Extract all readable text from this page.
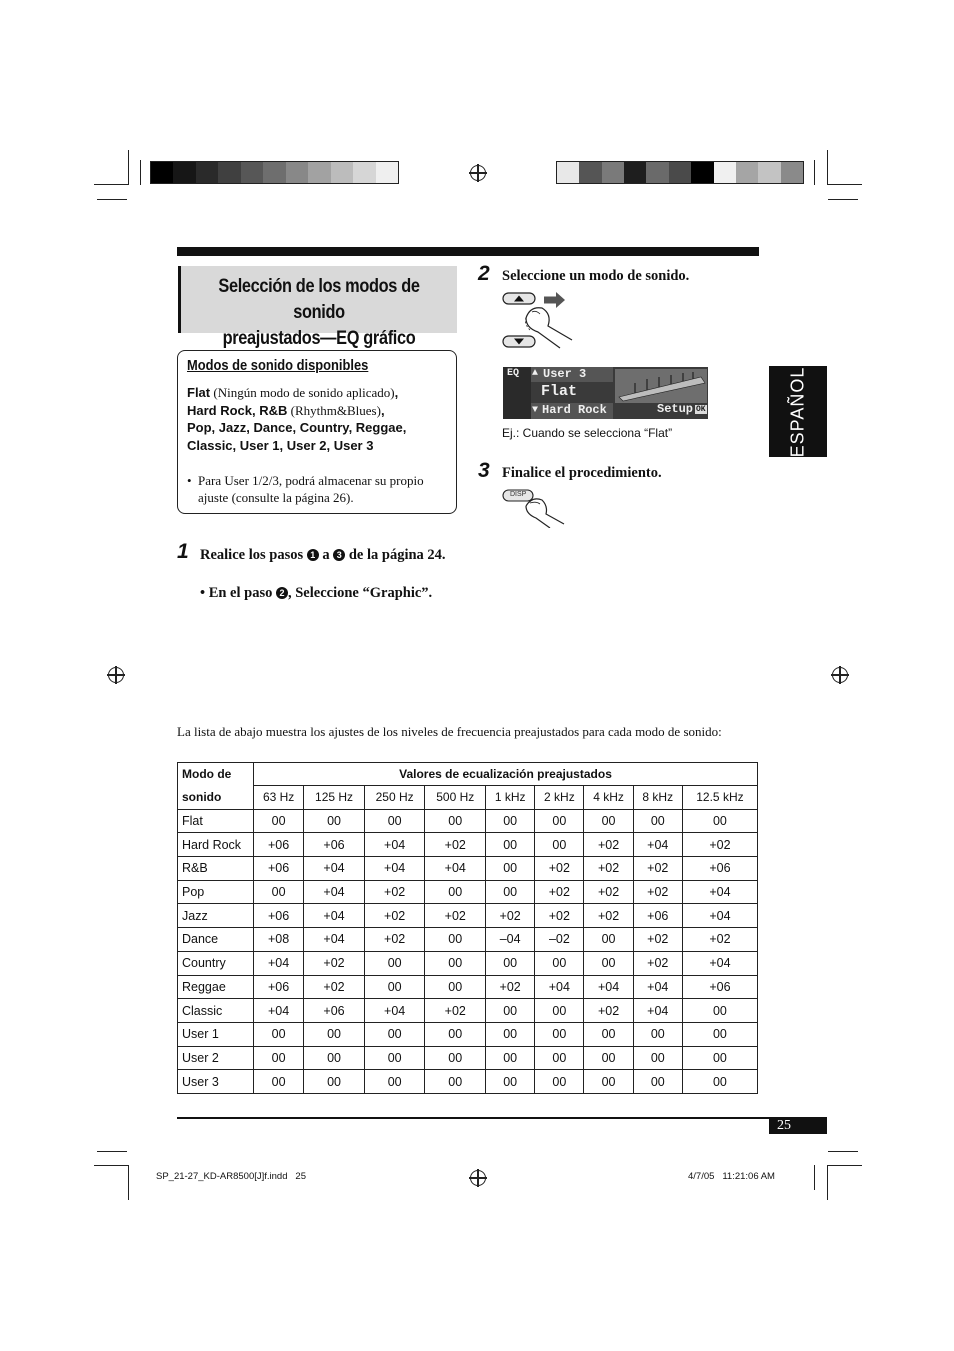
Selección de los modos de sonido
preajustados—EQ gráfico
Modos de sonido disponibles
Flat (Ningún modo de sonido aplicado),
Hard Rock, R&B (Rhythm&Blues),
Pop, Jazz, Dance, Country, Reggae,
Classic, User 1, User 2, User 3
• Para User 1/2/3, podrá almacenar su propio ajuste (consulte la página 26).
1 Realice los pasos 1 a 3 de la página 24.
• En el paso 2 , Seleccione “Graphic”.
2 Seleccione un modo de sonido.
EQ ▲ User 3
Flat
▼ Hard Rock	Setup OK
Ej.: Cuando se selecciona “Flat”
3 Finalice el procedimiento.
DISP
ESPAÑOL
La lista de abajo muestra los ajustes de los niveles de frecuencia preajustados para cada modo de sonido:
Modo de	Valores de ecualización preajustados								
sonido	63 Hz	125 Hz	250 Hz	500 Hz	1 kHz	2 kHz	4 kHz	8 kHz	12.5 kHz
Flat	00	00	00	00	00	00	00	00	00
Hard Rock	+06	+06	+04	+02	00	00	+02	+04	+02
R&B	+06	+04	+04	+04	00	+02	+02	+02	+06
Pop	00	+04	+02	00	00	+02	+02	+02	+04
Jazz	+06	+04	+02	+02	+02	+02	+02	+06	+04
Dance	+08	+04	+02	00	–04	–02	00	+02	+02
Country	+04	+02	00	00	00	00	00	+02	+04
Reggae	+06	+02	00	00	+02	+04	+04	+04	+06
Classic	+04	+06	+04	+02	00	00	+02	+04	00
User 1	00	00	00	00	00	00	00	00	00
User 2	00	00	00	00	00	00	00	00	00
User 3	00	00	00	00	00	00	00	00	00
25
SP_21-27_KD-AR8500[J]f.indd   25	4/7/05   11:21:06 AM
